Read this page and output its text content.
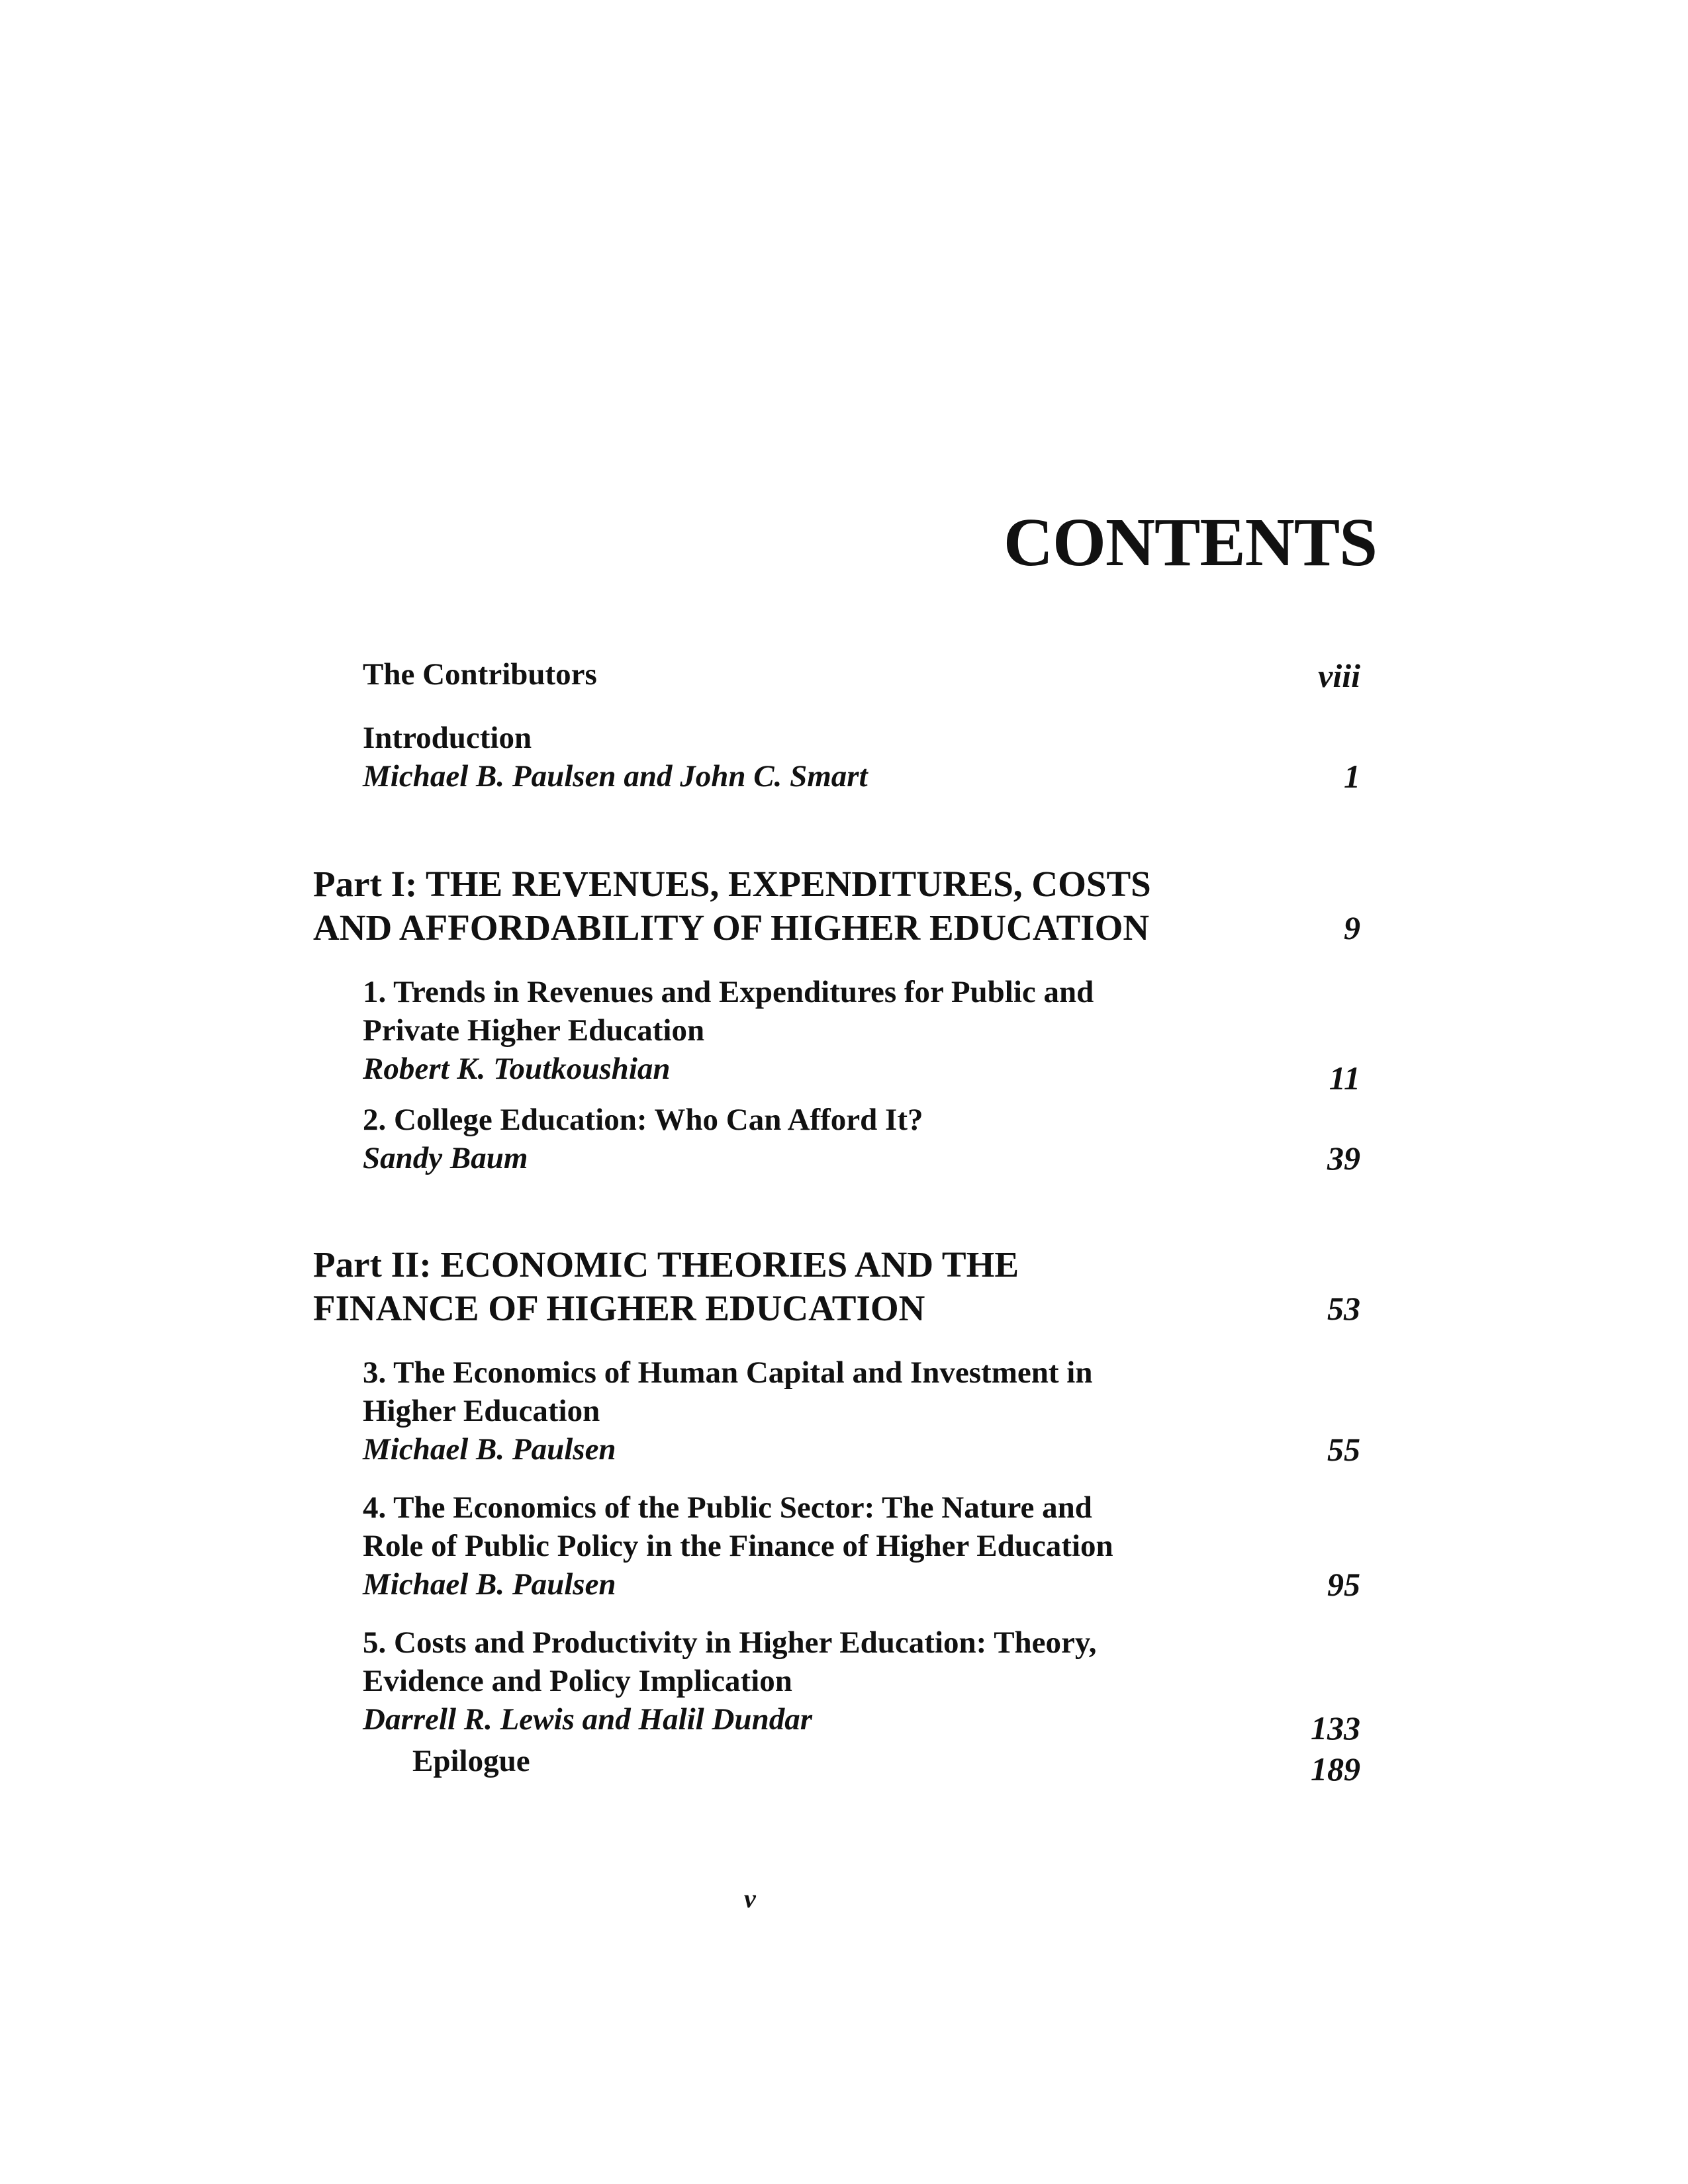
CONTENTS
The Contributors	viii
Introduction
Michael B. Paulsen and John C. Smart	1
Part I: THE REVENUES, EXPENDITURES, COSTS
AND AFFORDABILITY OF HIGHER EDUCATION	9
1. Trends in Revenues and Expenditures for Public and
Private Higher Education
Robert K. Toutkoushian	11
2. College Education: Who Can Afford It?
Sandy Baum	39
Part II: ECONOMIC THEORIES AND THE
FINANCE OF HIGHER EDUCATION	53
3. The Economics of Human Capital and Investment in
Higher Education
Michael B. Paulsen	55
4. The Economics of the Public Sector: The Nature and
Role of Public Policy in the Finance of Higher Education
Michael B. Paulsen	95
5. Costs and Productivity in Higher Education: Theory,
Evidence and Policy Implication
Darrell R. Lewis and Halil Dundar	133
Epilogue	189
v
